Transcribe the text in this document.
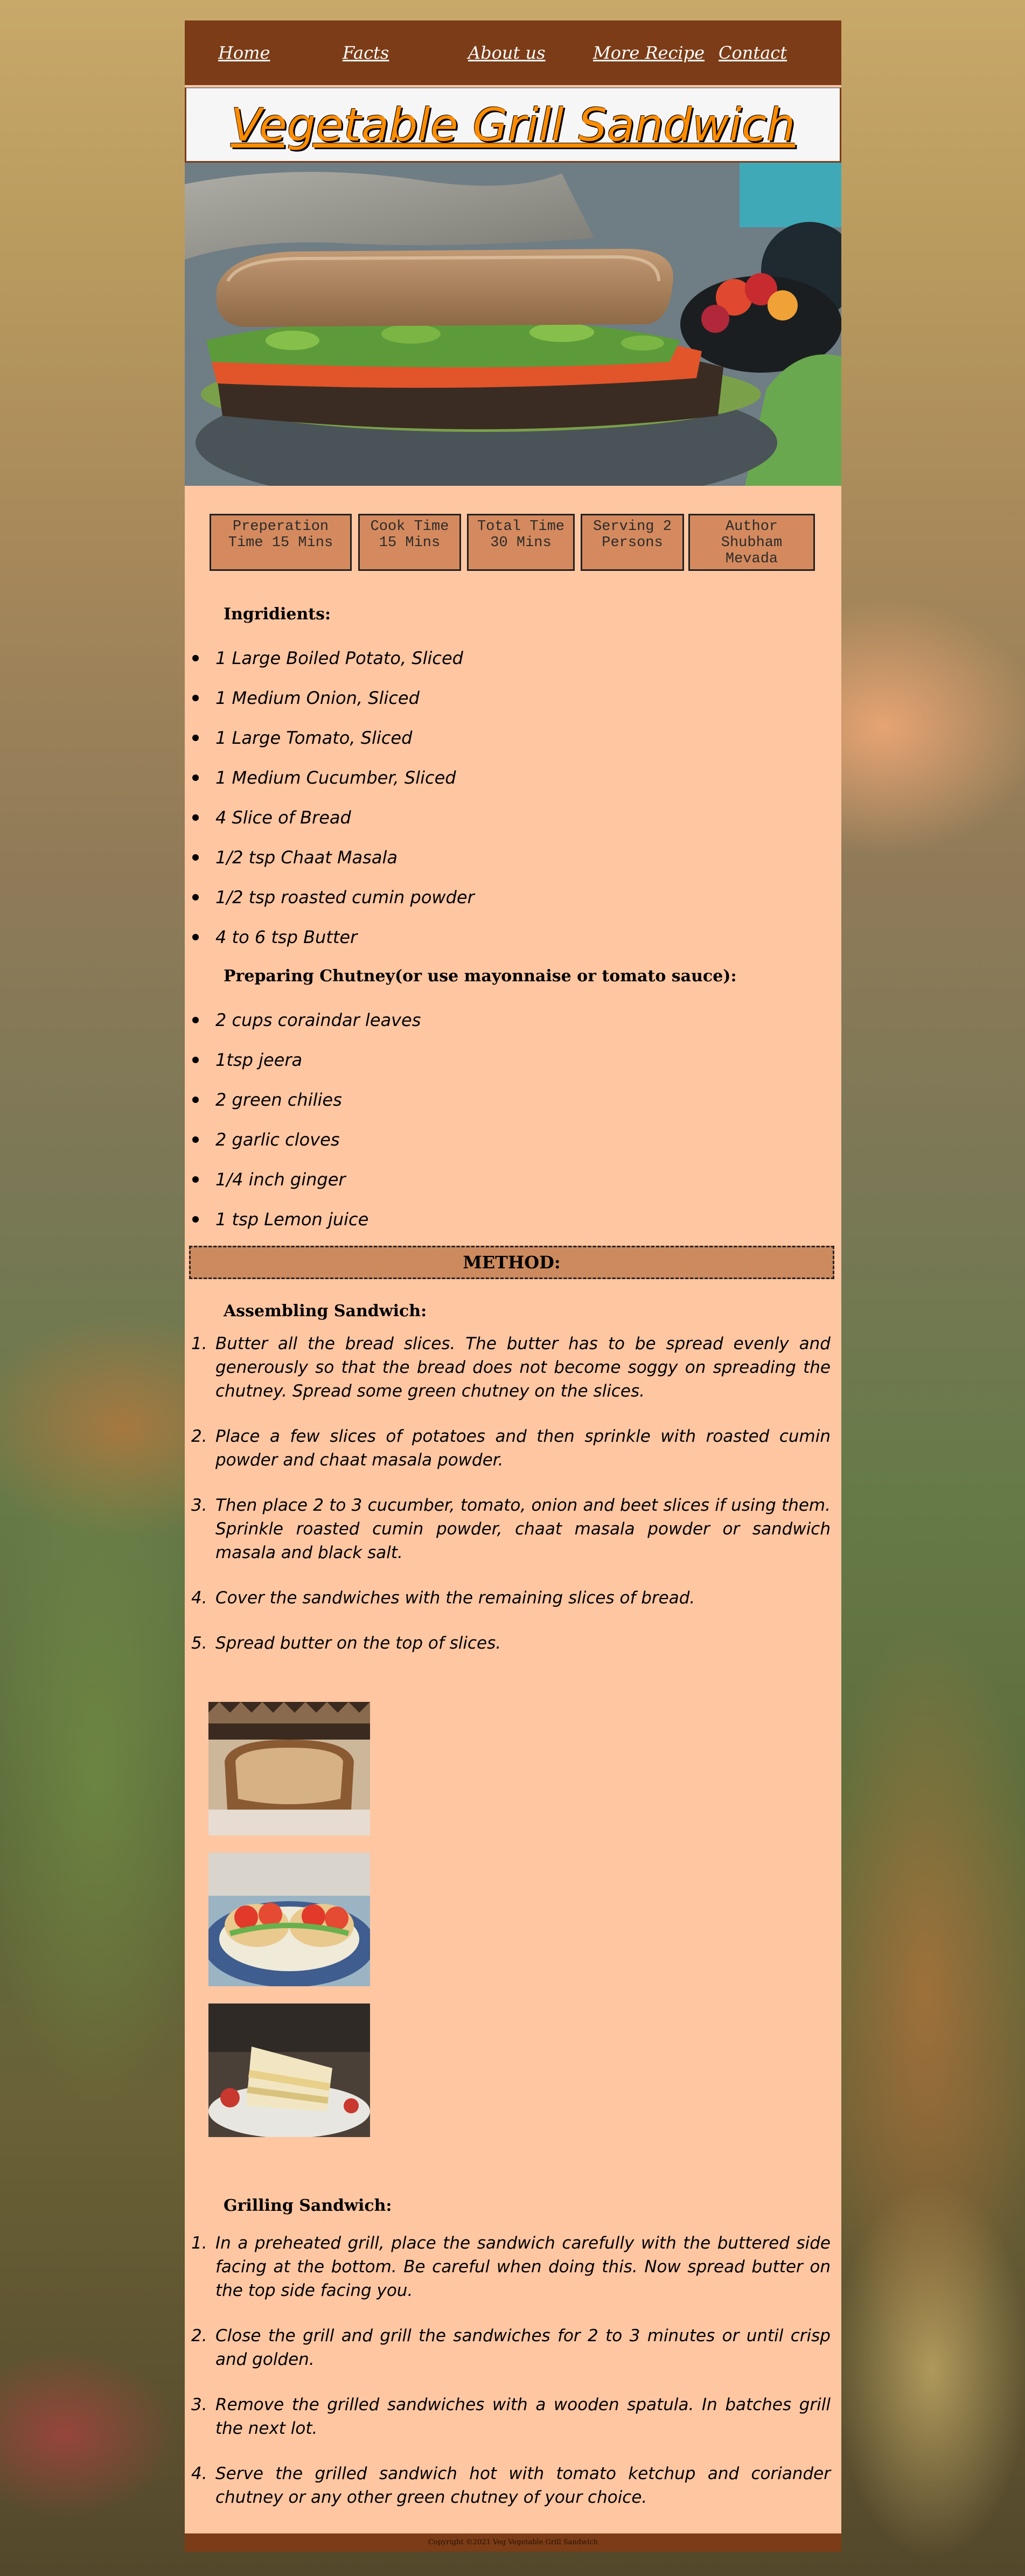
Home	Facts	About us	More Recipe Contact
Vegetable Grill Sandwich
Preperation
Time 15 Mins
Cook Time
15 Mins
Total Time
30 Mins
Serving 2
Persons
Author
Shubham
Mevada

Ingridients:

1 Large Boiled Potato, Sliced
1 Medium Onion, Sliced
1 Large Tomato, Sliced
1 Medium Cucumber, Sliced
4 Slice of Bread
1/2 tsp Chaat Masala
1/2 tsp roasted cumin powder
4 to 6 tsp Butter

Preparing Chutney(or use mayonnaise or tomato sauce):

2 cups coraindar leaves
1tsp jeera
2 green chilies
2 garlic cloves
1/4 inch ginger
1 tsp Lemon juice
METHOD:

Assembling Sandwich:

1. Butter all the bread slices. The butter has to be spread evenly and generously so that the bread does not become soggy on spreading the chutney. Spread some green chutney on the slices.
2. Place a few slices of potatoes and then sprinkle with roasted cumin powder and chaat masala powder.
3. Then place 2 to 3 cucumber, tomato, onion and beet slices if using them. Sprinkle roasted cumin powder, chaat masala powder or sandwich masala and black salt.
4. Cover the sandwiches with the remaining slices of bread.
5. Spread butter on the top of slices.

Grilling Sandwich:

1. In a preheated grill, place the sandwich carefully with the buttered side facing at the bottom. Be careful when doing this. Now spread butter on the top side facing you.
2. Close the grill and grill the sandwiches for 2 to 3 minutes or until crisp and golden.
3. Remove the grilled sandwiches with a wooden spatula. In batches grill the next lot.
4. Serve the grilled sandwich hot with tomato ketchup and coriander chutney or any other green chutney of your choice.
Copyright ©2021 Veg Vegetable Grill Sandwich
